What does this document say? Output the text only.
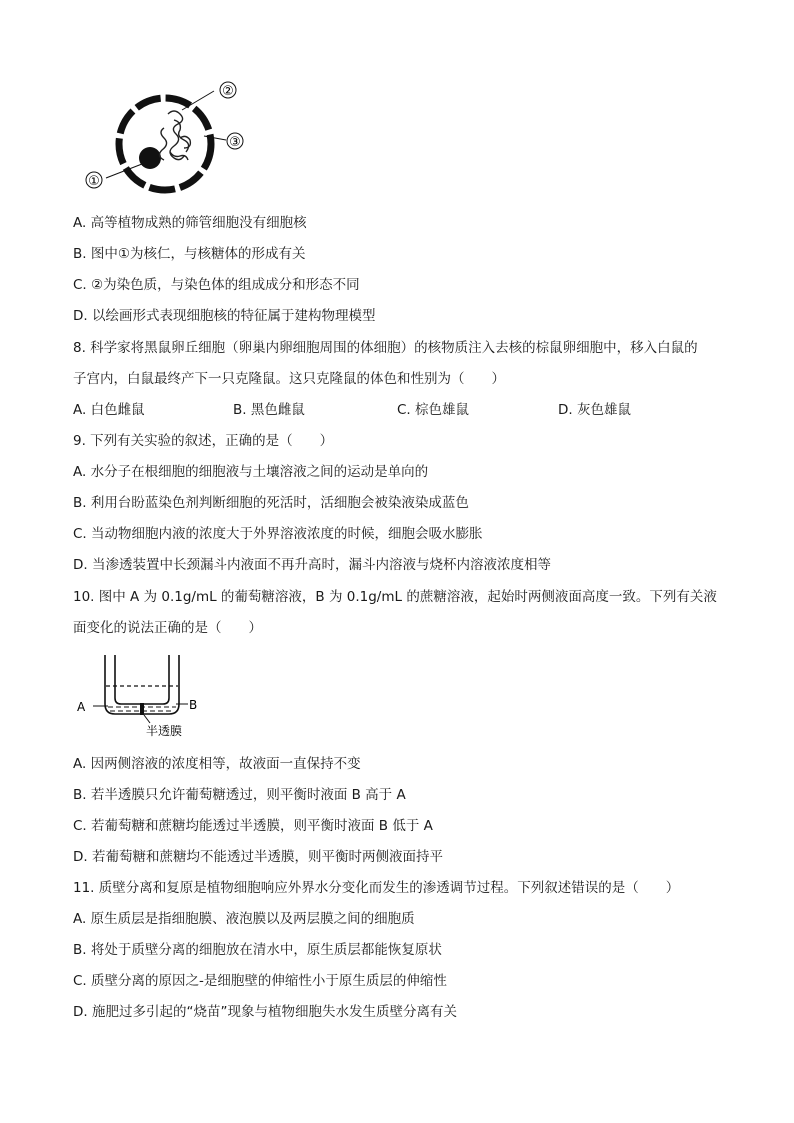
②
③
①
A. 高等植物成熟的筛管细胞没有细胞核
B. 图中①为核仁，与核糖体的形成有关
C. ②为染色质，与染色体的组成成分和形态不同
D. 以绘画形式表现细胞核的特征属于建构物理模型
8. 科学家将黑鼠卵丘细胞（卵巢内卵细胞周围的体细胞）的核物质注入去核的棕鼠卵细胞中，移入白鼠的
子宫内，白鼠最终产下一只克隆鼠。这只克隆鼠的体色和性别为（　　）
A. 白色雌鼠	B. 黑色雌鼠	C. 棕色雄鼠	D. 灰色雄鼠
9. 下列有关实验的叙述，正确的是（　　）
A. 水分子在根细胞的细胞液与土壤溶液之间的运动是单向的
B. 利用台盼蓝染色剂判断细胞的死活时，活细胞会被染液染成蓝色
C. 当动物细胞内液的浓度大于外界溶液浓度的时候，细胞会吸水膨胀
D. 当渗透装置中长颈漏斗内液面不再升高时，漏斗内溶液与烧杯内溶液浓度相等
10. 图中 A 为 0.1g/mL 的葡萄糖溶液，B 为 0.1g/mL 的蔗糖溶液，起始时两侧液面高度一致。下列有关液
面变化的说法正确的是（　　）
A	B
半透膜
A. 因两侧溶液的浓度相等，故液面一直保持不变
B. 若半透膜只允许葡萄糖透过，则平衡时液面 B 高于 A
C. 若葡萄糖和蔗糖均能透过半透膜，则平衡时液面 B 低于 A
D. 若葡萄糖和蔗糖均不能透过半透膜，则平衡时两侧液面持平
11. 质壁分离和复原是植物细胞响应外界水分变化而发生的渗透调节过程。下列叙述错误的是（　　）
A. 原生质层是指细胞膜、液泡膜以及两层膜之间的细胞质
B. 将处于质壁分离的细胞放在清水中，原生质层都能恢复原状
C. 质壁分离的原因之-是细胞壁的伸缩性小于原生质层的伸缩性
D. 施肥过多引起的“烧苗”现象与植物细胞失水发生质壁分离有关
